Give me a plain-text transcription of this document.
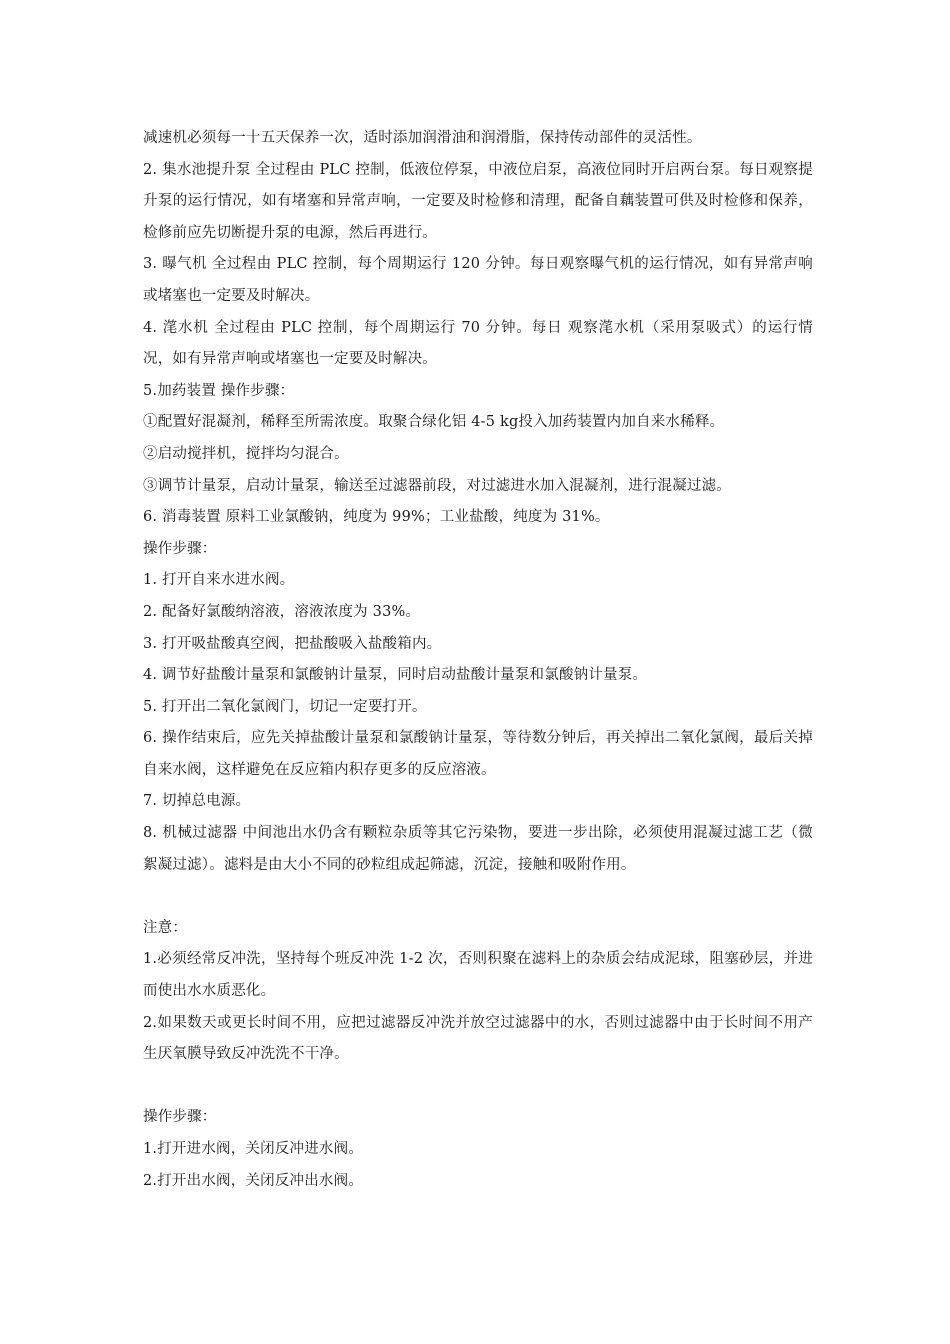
减速机必须每一十五天保养一次，适时添加润滑油和润滑脂，保持传动部件的灵活性。

2. 集水池提升泵 全过程由 PLC 控制，低液位停泵，中液位启泵，高液位同时开启两台泵。每日观察提升泵的运行情况，如有堵塞和异常声响，一定要及时检修和清理，配备自藕装置可供及时检修和保养，检修前应先切断提升泵的电源，然后再进行。

3. 曝气机 全过程由 PLC 控制，每个周期运行 120 分钟。每日观察曝气机的运行情况，如有异常声响或堵塞也一定要及时解决。

4. 滗水机 全过程由 PLC 控制，每个周期运行 70 分钟。每日 观察滗水机（采用泵吸式）的运行情况，如有异常声响或堵塞也一定要及时解决。

5.加药装置 操作步骤：

①配置好混凝剂，稀释至所需浓度。取聚合绿化铝 4-5 kg投入加药装置内加自来水稀释。

②启动搅拌机，搅拌均匀混合。

③调节计量泵，启动计量泵，输送至过滤器前段，对过滤进水加入混凝剂，进行混凝过滤。

6. 消毒装置 原料工业氯酸钠，纯度为 99%；工业盐酸，纯度为 31%。

操作步骤：

1. 打开自来水进水阀。

2. 配备好氯酸纳溶液，溶液浓度为 33%。

3. 打开吸盐酸真空阀，把盐酸吸入盐酸箱内。

4. 调节好盐酸计量泵和氯酸钠计量泵，同时启动盐酸计量泵和氯酸钠计量泵。

5. 打开出二氧化氯阀门，切记一定要打开。

6. 操作结束后，应先关掉盐酸计量泵和氯酸钠计量泵，等待数分钟后，再关掉出二氧化氯阀，最后关掉自来水阀，这样避免在反应箱内积存更多的反应溶液。

7. 切掉总电源。

8. 机械过滤器 中间池出水仍含有颗粒杂质等其它污染物，要进一步出除，必须使用混凝过滤工艺（微絮凝过滤）。滤料是由大小不同的砂粒组成起筛滤，沉淀，接触和吸附作用。

注意：

1.必须经常反冲洗，坚持每个班反冲洗 1-2 次，否则积聚在滤料上的杂质会结成泥球，阻塞砂层，并进而使出水水质恶化。

2.如果数天或更长时间不用，应把过滤器反冲洗并放空过滤器中的水，否则过滤器中由于长时间不用产生厌氧膜导致反冲洗洗不干净。

操作步骤：

1.打开进水阀，关闭反冲进水阀。

2.打开出水阀，关闭反冲出水阀。
